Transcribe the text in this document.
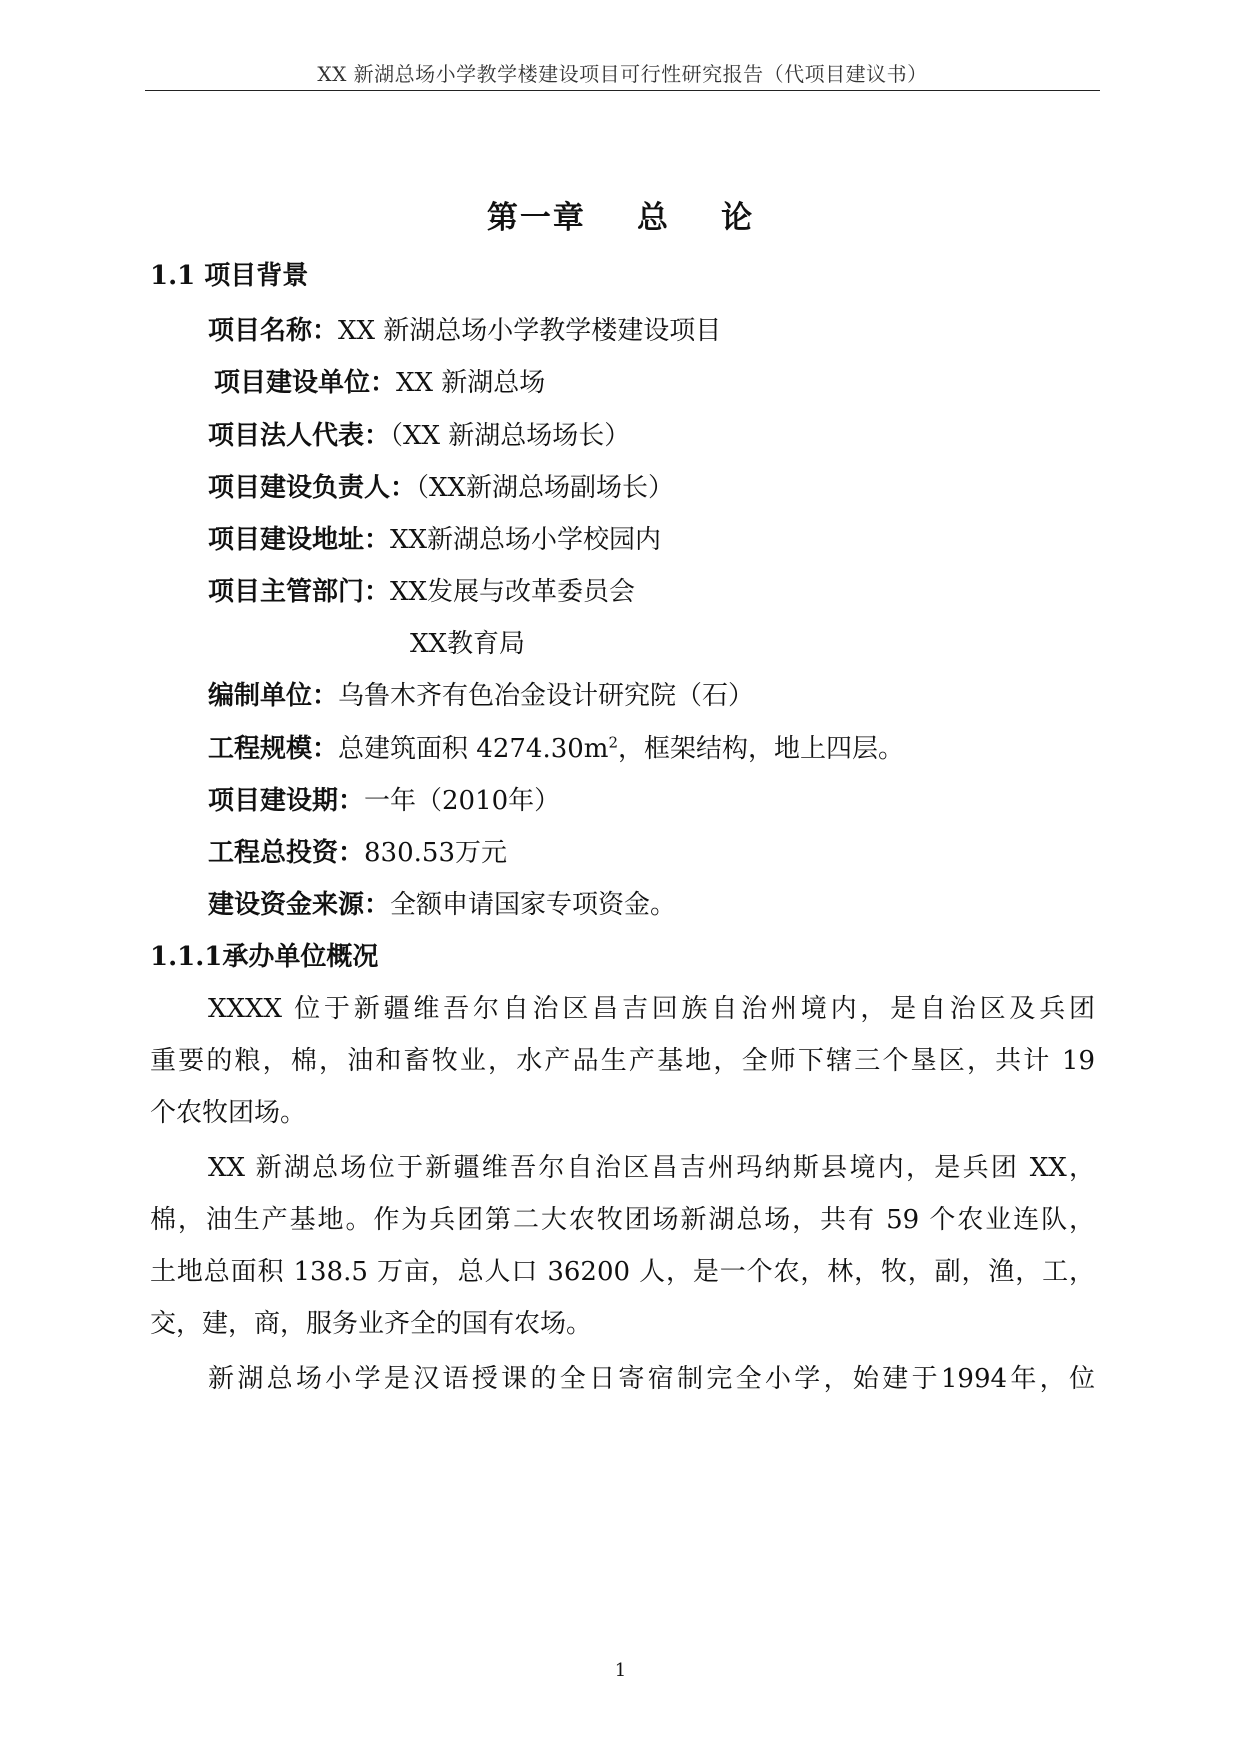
XX 新湖总场小学教学楼建设项目可行性研究报告（代项目建议书）
第一章    总    论
1.1 项目背景
项目名称：XX 新湖总场小学教学楼建设项目
项目建设单位：XX 新湖总场
项目法人代表：（XX 新湖总场场长）
项目建设负责人：（XX新湖总场副场长）
项目建设地址：XX新湖总场小学校园内
项目主管部门：XX发展与改革委员会
XX教育局
编制单位：乌鲁木齐有色冶金设计研究院（石）
工程规模：总建筑面积 $4274.30m^2$，框架结构，地上四层。
项目建设期：一年（2010年）
工程总投资：830.53万元
建设资金来源：全额申请国家专项资金。
1.1.1承办单位概况
XXXX 位于新疆维吾尔自治区昌吉回族自治州境内，是自治区及兵团
重要的粮，棉，油和畜牧业，水产品生产基地，全师下辖三个垦区，共计 19
个农牧团场。
XX 新湖总场位于新疆维吾尔自治区昌吉州玛纳斯县境内，是兵团 XX，
棉，油生产基地。作为兵团第二大农牧团场新湖总场，共有 59 个农业连队，
土地总面积 138.5 万亩，总人口 36200 人，是一个农，林，牧，副，渔，工，
交，建，商，服务业齐全的国有农场。
新湖总场小学是汉语授课的全日寄宿制完全小学，始建于1994年，位
1
